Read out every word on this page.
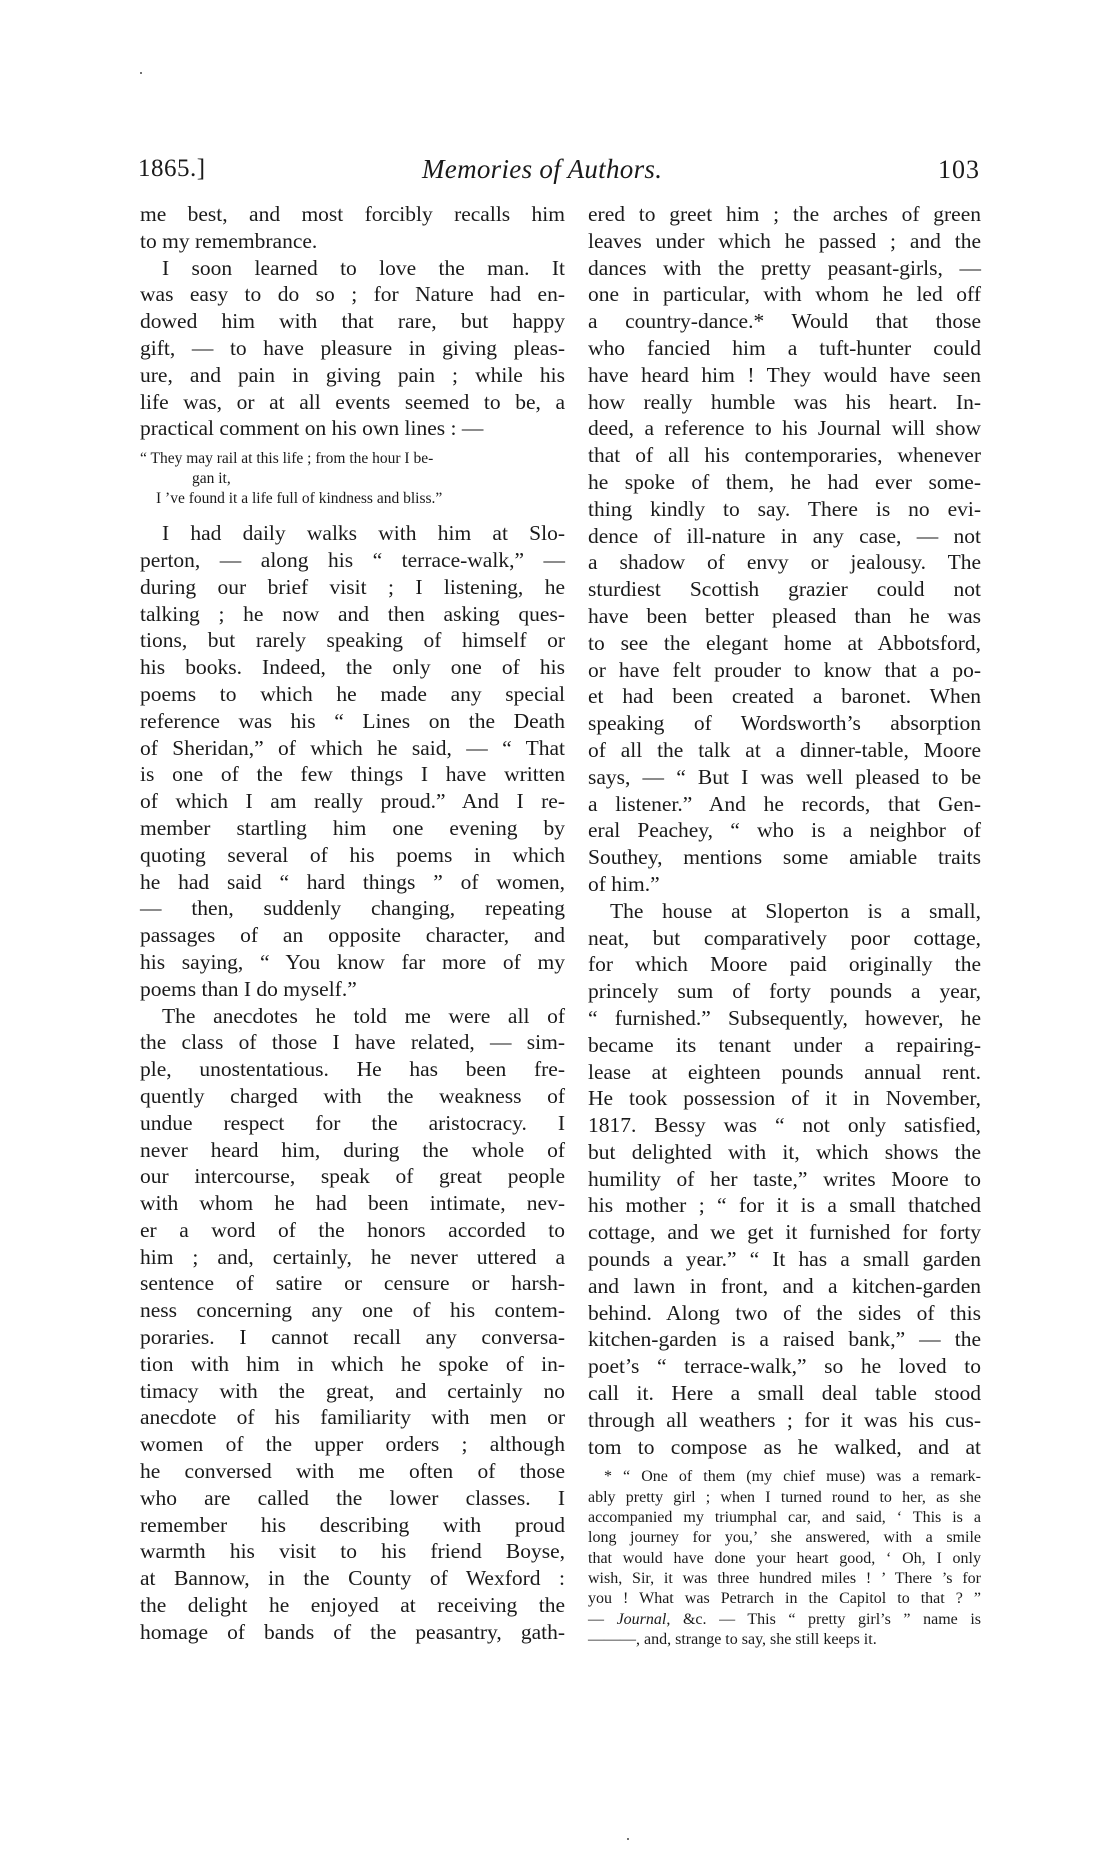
1865.]	Memories of Authors.	103
me best, and most forcibly recalls him
to my remembrance.
I soon learned to love the man. It
was easy to do so ; for Nature had en-
dowed him with that rare, but happy
gift, — to have pleasure in giving pleas-
ure, and pain in giving pain ; while his
life was, or at all events seemed to be, a
practical comment on his own lines : —
“ They may rail at this life ; from the hour I be-
gan it,
I ’ve found it a life full of kindness and bliss.”
I had daily walks with him at Slo-
perton, — along his “ terrace-walk,” —
during our brief visit ; I listening, he
talking ; he now and then asking ques-
tions, but rarely speaking of himself or
his books. Indeed, the only one of his
poems to which he made any special
reference was his “ Lines on the Death
of Sheridan,” of which he said, — “ That
is one of the few things I have written
of which I am really proud.” And I re-
member startling him one evening by
quoting several of his poems in which
he had said “ hard things ” of women,
— then, suddenly changing, repeating
passages of an opposite character, and
his saying, “ You know far more of my
poems than I do myself.”
The anecdotes he told me were all of
the class of those I have related, — sim-
ple, unostentatious. He has been fre-
quently charged with the weakness of
undue respect for the aristocracy. I
never heard him, during the whole of
our intercourse, speak of great people
with whom he had been intimate, nev-
er a word of the honors accorded to
him ; and, certainly, he never uttered a
sentence of satire or censure or harsh-
ness concerning any one of his contem-
poraries. I cannot recall any conversa-
tion with him in which he spoke of in-
timacy with the great, and certainly no
anecdote of his familiarity with men or
women of the upper orders ; although
he conversed with me often of those
who are called the lower classes. I
remember his describing with proud
warmth his visit to his friend Boyse,
at Bannow, in the County of Wexford :
the delight he enjoyed at receiving the
homage of bands of the peasantry, gath-
ered to greet him ; the arches of green
leaves under which he passed ; and the
dances with the pretty peasant-girls, —
one in particular, with whom he led off
a country-dance.* Would that those
who fancied him a tuft-hunter could
have heard him ! They would have seen
how really humble was his heart. In-
deed, a reference to his Journal will show
that of all his contemporaries, whenever
he spoke of them, he had ever some-
thing kindly to say. There is no evi-
dence of ill-nature in any case, — not
a shadow of envy or jealousy. The
sturdiest Scottish grazier could not
have been better pleased than he was
to see the elegant home at Abbotsford,
or have felt prouder to know that a po-
et had been created a baronet. When
speaking of Wordsworth’s absorption
of all the talk at a dinner-table, Moore
says, — “ But I was well pleased to be
a listener.” And he records, that Gen-
eral Peachey, “ who is a neighbor of
Southey, mentions some amiable traits
of him.”
The house at Sloperton is a small,
neat, but comparatively poor cottage,
for which Moore paid originally the
princely sum of forty pounds a year,
“ furnished.” Subsequently, however, he
became its tenant under a repairing-
lease at eighteen pounds annual rent.
He took possession of it in November,
1817. Bessy was “ not only satisfied,
but delighted with it, which shows the
humility of her taste,” writes Moore to
his mother ; “ for it is a small thatched
cottage, and we get it furnished for forty
pounds a year.” “ It has a small garden
and lawn in front, and a kitchen-garden
behind. Along two of the sides of this
kitchen-garden is a raised bank,” — the
poet’s “ terrace-walk,” so he loved to
call it. Here a small deal table stood
through all weathers ; for it was his cus-
tom to compose as he walked, and at
* “ One of them (my chief muse) was a remark-
ably pretty girl ; when I turned round to her, as she
accompanied my triumphal car, and said, ‘ This is a
long journey for you,’ she answered, with a smile
that would have done your heart good, ‘ Oh, I only
wish, Sir, it was three hundred miles ! ’ There ’s for
you ! What was Petrarch in the Capitol to that ? ”
— Journal, &c. — This “ pretty girl’s ” name is
———, and, strange to say, she still keeps it.
